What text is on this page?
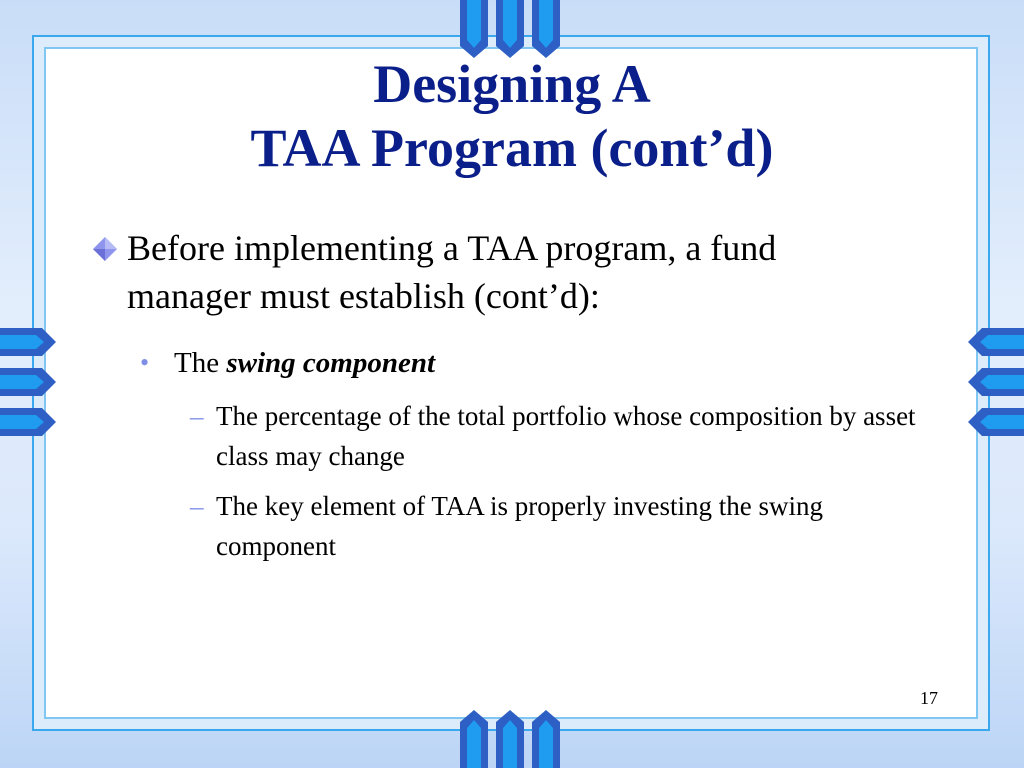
Designing A
TAA Program (cont’d)
Before implementing a TAA program, a fund manager must establish (cont’d):
• The swing component
– The percentage of the total portfolio whose composition by asset class may change
– The key element of TAA is properly investing the swing component
17
